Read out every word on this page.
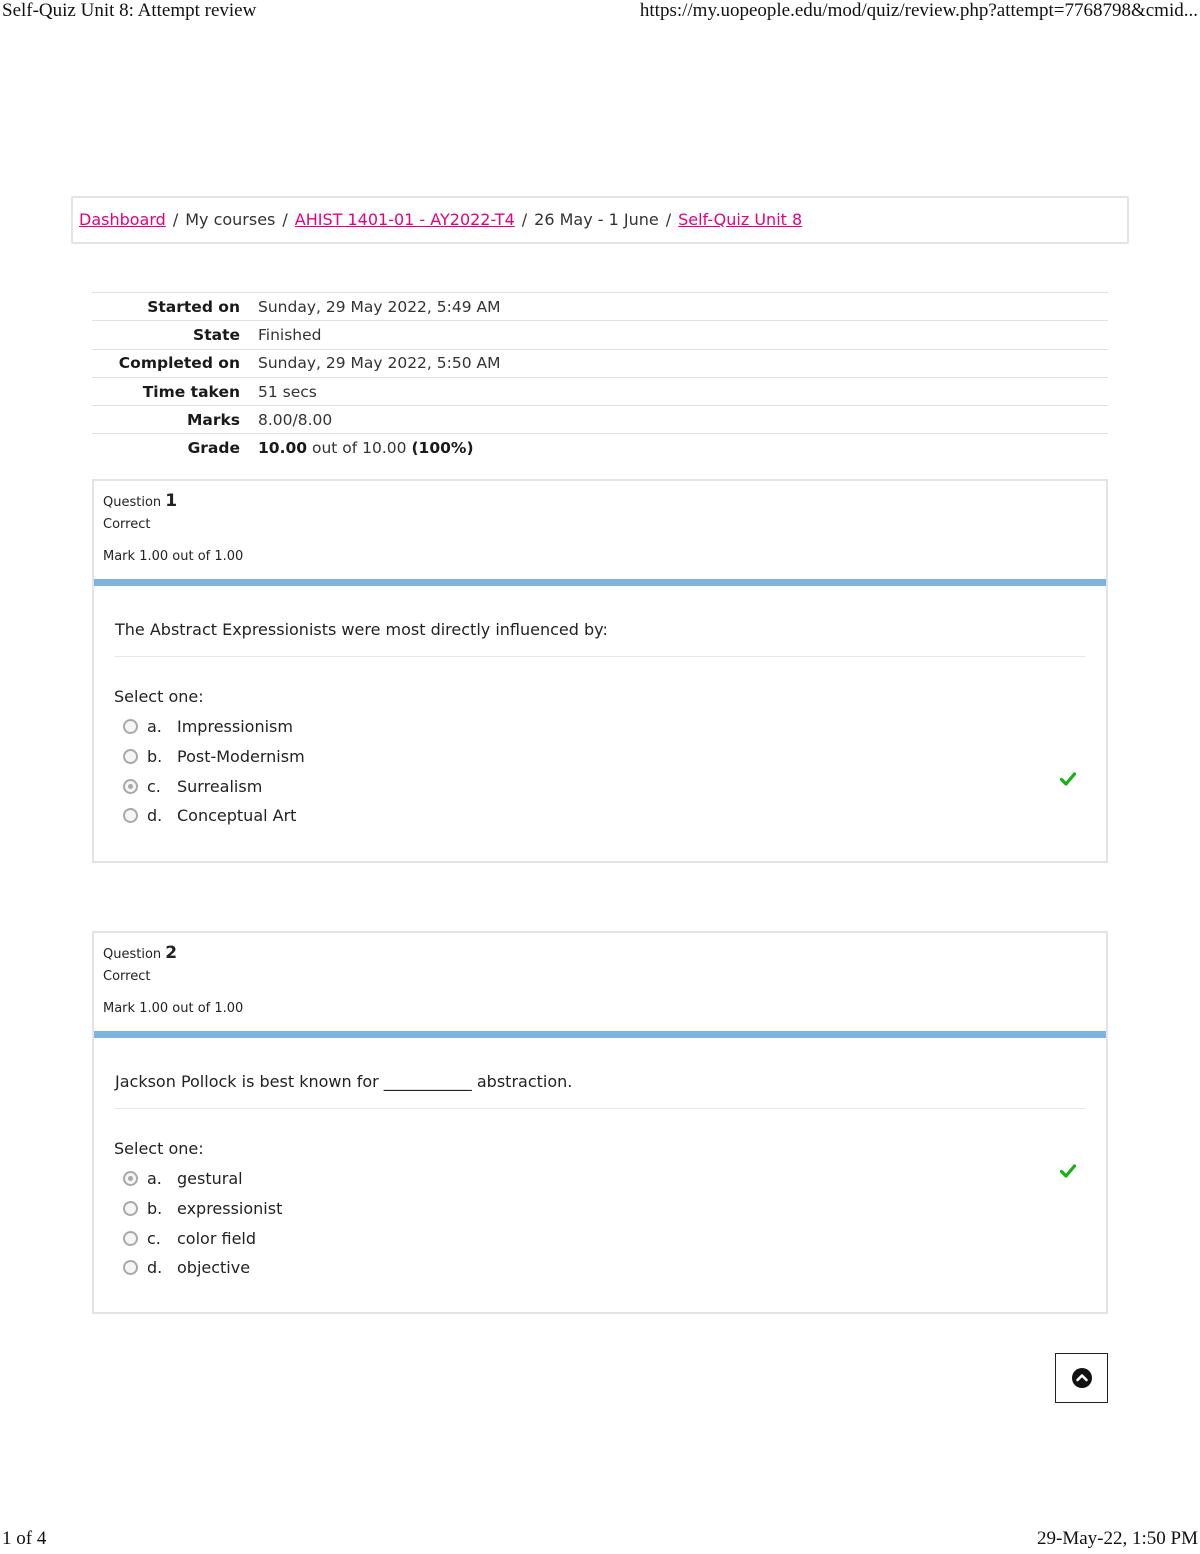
Self-Quiz Unit 8: Attempt review	https://my.uopeople.edu/mod/quiz/review.php?attempt=7768798&cmid...
Dashboard / My courses / AHIST 1401-01 - AY2022-T4 / 26 May - 1 June / Self-Quiz Unit 8
Started on	Sunday, 29 May 2022, 5:49 AM
State	Finished
Completed on	Sunday, 29 May 2022, 5:50 AM
Time taken	51 secs
Marks	8.00/8.00
Grade	10.00 out of 10.00 (100%)
Question 1
Correct
Mark 1.00 out of 1.00
The Abstract Expressionists were most directly influenced by:
Select one:
a. Impressionism
b. Post-Modernism
c.	Surrealism
d. Conceptual Art
Question 2
Correct
Mark 1.00 out of 1.00
Jackson Pollock is best known for ___________ abstraction.
Select one:
a. gestural
b. expressionist
c.	color field
d. objective
1 of 4	29-May-22, 1:50 PM
